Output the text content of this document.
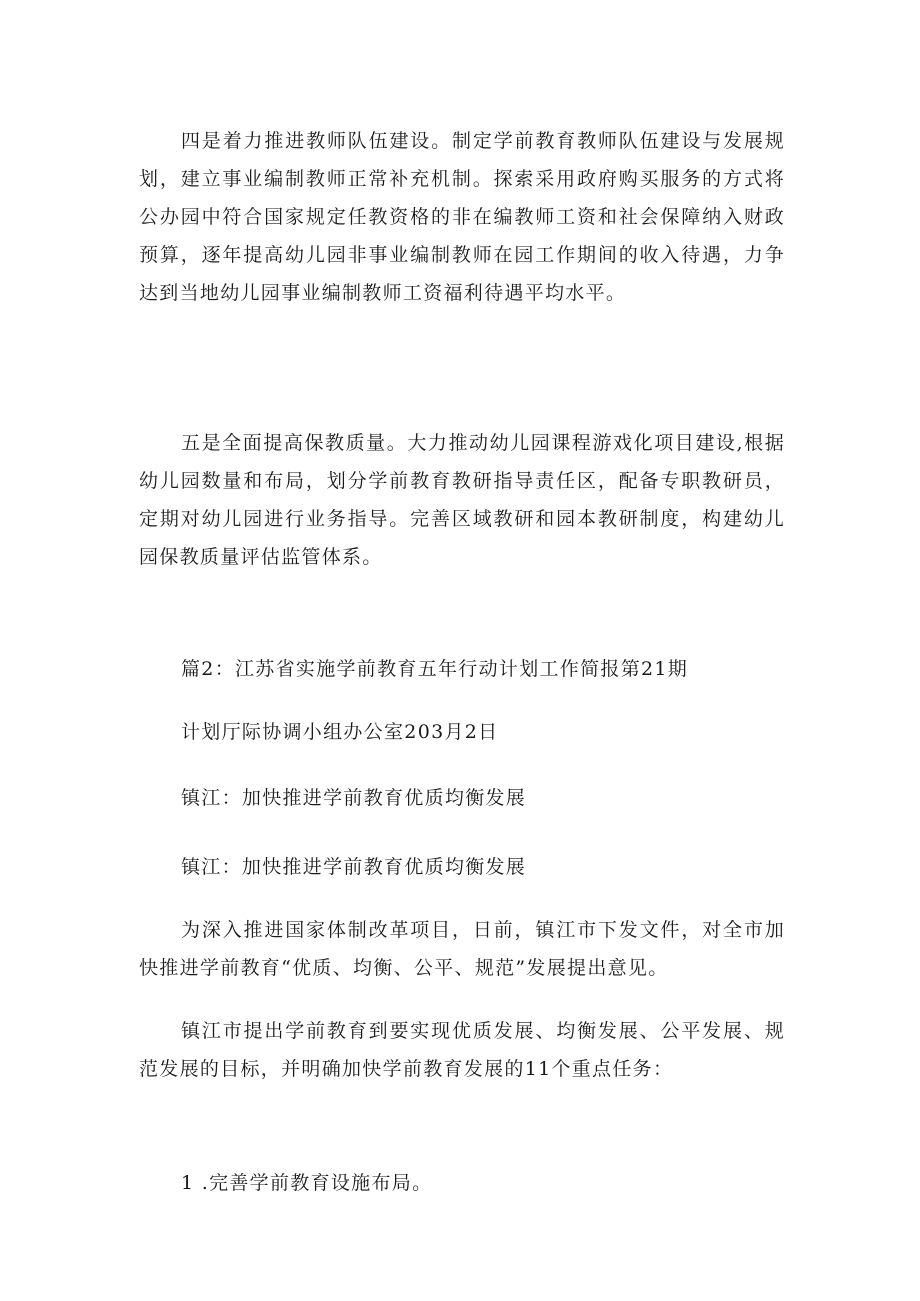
四是着力推进教师队伍建设。制定学前教育教师队伍建设与发展规划，建立事业编制教师正常补充机制。探索采用政府购买服务的方式将公办园中符合国家规定任教资格的非在编教师工资和社会保障纳入财政预算，逐年提高幼儿园非事业编制教师在园工作期间的收入待遇，力争达到当地幼儿园事业编制教师工资福利待遇平均水平。

五是全面提高保教质量。大力推动幼儿园课程游戏化项目建设,根据幼儿园数量和布局，划分学前教育教研指导责任区，配备专职教研员，定期对幼儿园进行业务指导。完善区域教研和园本教研制度，构建幼儿园保教质量评估监管体系。

篇2：江苏省实施学前教育五年行动计划工作简报第21期

计划厅际协调小组办公室203月2日

镇江：加快推进学前教育优质均衡发展

镇江：加快推进学前教育优质均衡发展

为深入推进国家体制改革项目，日前，镇江市下发文件，对全市加快推进学前教育“优质、均衡、公平、规范”发展提出意见。

镇江市提出学前教育到要实现优质发展、均衡发展、公平发展、规范发展的目标，并明确加快学前教育发展的11个重点任务：

1 .完善学前教育设施布局。
